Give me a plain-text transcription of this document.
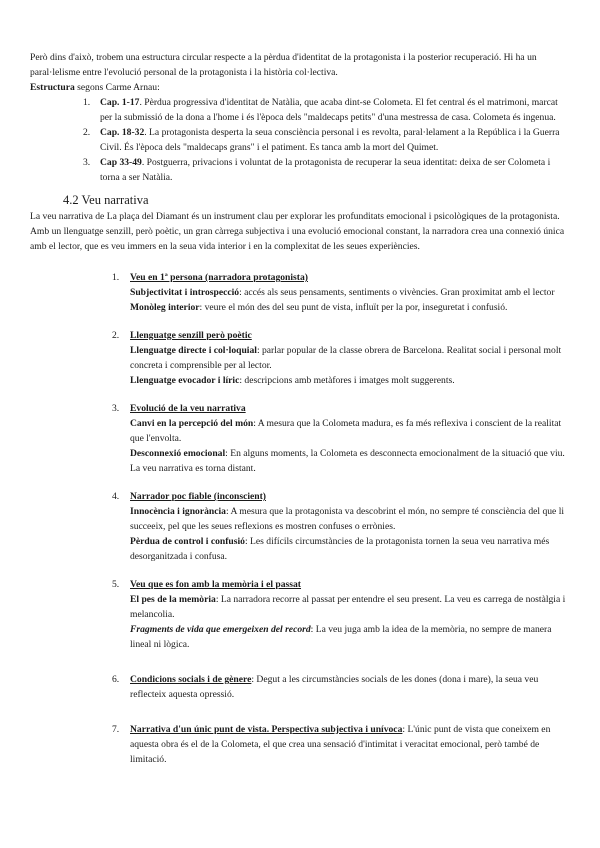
Però dins d'això, trobem una estructura circular respecte a la pèrdua d'identitat de la protagonista i la posterior recuperació. Hi ha un paral·lelisme entre l'evolució personal de la protagonista i la història col·lectiva.
Estructura segons Carme Arnau:
1. Cap. 1-17. Pèrdua progressiva d'identitat de Natàlia, que acaba dint-se Colometa. El fet central és el matrimoni, marcat per la submissió de la dona a l'home i és l'època dels "maldecaps petits" d'una mestressa de casa. Colometa és ingenua.
2. Cap. 18-32. La protagonista desperta la seua consciència personal i es revolta, paral·lelament a la República i la Guerra Civil. És l'època dels "maldecaps grans" i el patiment. Es tanca amb la mort del Quimet.
3. Cap 33-49. Postguerra, privacions i voluntat de la protagonista de recuperar la seua identitat: deixa de ser Colometa i torna a ser Natàlia.
4.2 Veu narrativa
La veu narrativa de La plaça del Diamant és un instrument clau per explorar les profunditats emocional i psicològiques de la protagonista. Amb un llenguatge senzill, però poètic, un gran càrrega subjectiva i una evolució emocional constant, la narradora crea una connexió única amb el lector, que es veu immers en la seua vida interior i en la complexitat de les seues experiències.
1. Veu en 1ª persona (narradora protagonista)
Subjectivitat i introspecció: accés als seus pensaments, sentiments o vivències. Gran proximitat amb el lector
Monòleg interior: veure el món des del seu punt de vista, influït per la por, inseguretat i confusió.
2. Llenguatge senzill però poètic
Llenguatge directe i col·loquial: parlar popular de la classe obrera de Barcelona. Realitat social i personal molt concreta i comprensible per al lector.
Llenguatge evocador i líric: descripcions amb metàfores i imatges molt suggerents.
3. Evolució de la veu narrativa
Canvi en la percepció del món: A mesura que la Colometa madura, es fa més reflexiva i conscient de la realitat que l'envolta.
Desconnexió emocional: En alguns moments, la Colometa es desconnecta emocionalment de la situació que viu. La veu narrativa es torna distant.
4. Narrador poc fiable (inconscient)
Innocència i ignorància: A mesura que la protagonista va descobrint el món, no sempre té consciència del que li succeeix, pel que les seues reflexions es mostren confuses o errònies.
Pèrdua de control i confusió: Les difícils circumstàncies de la protagonista tornen la seua veu narrativa més desorganitzada i confusa.
5. Veu que es fon amb la memòria i el passat
El pes de la memòria: La narradora recorre al passat per entendre el seu present. La veu es carrega de nostàlgia i melancolia.
Fragments de vida que emergeixen del record: La veu juga amb la idea de la memòria, no sempre de manera lineal ni lògica.
6. Condicions socials i de gènere: Degut a les circumstàncies socials de les dones (dona i mare), la seua veu reflecteix aquesta opressió.
7. Narrativa d'un únic punt de vista. Perspectiva subjectiva i unívoca: L'únic punt de vista que coneixem en aquesta obra és el de la Colometa, el que crea una sensació d'intimitat i veracitat emocional, però també de limitació.
